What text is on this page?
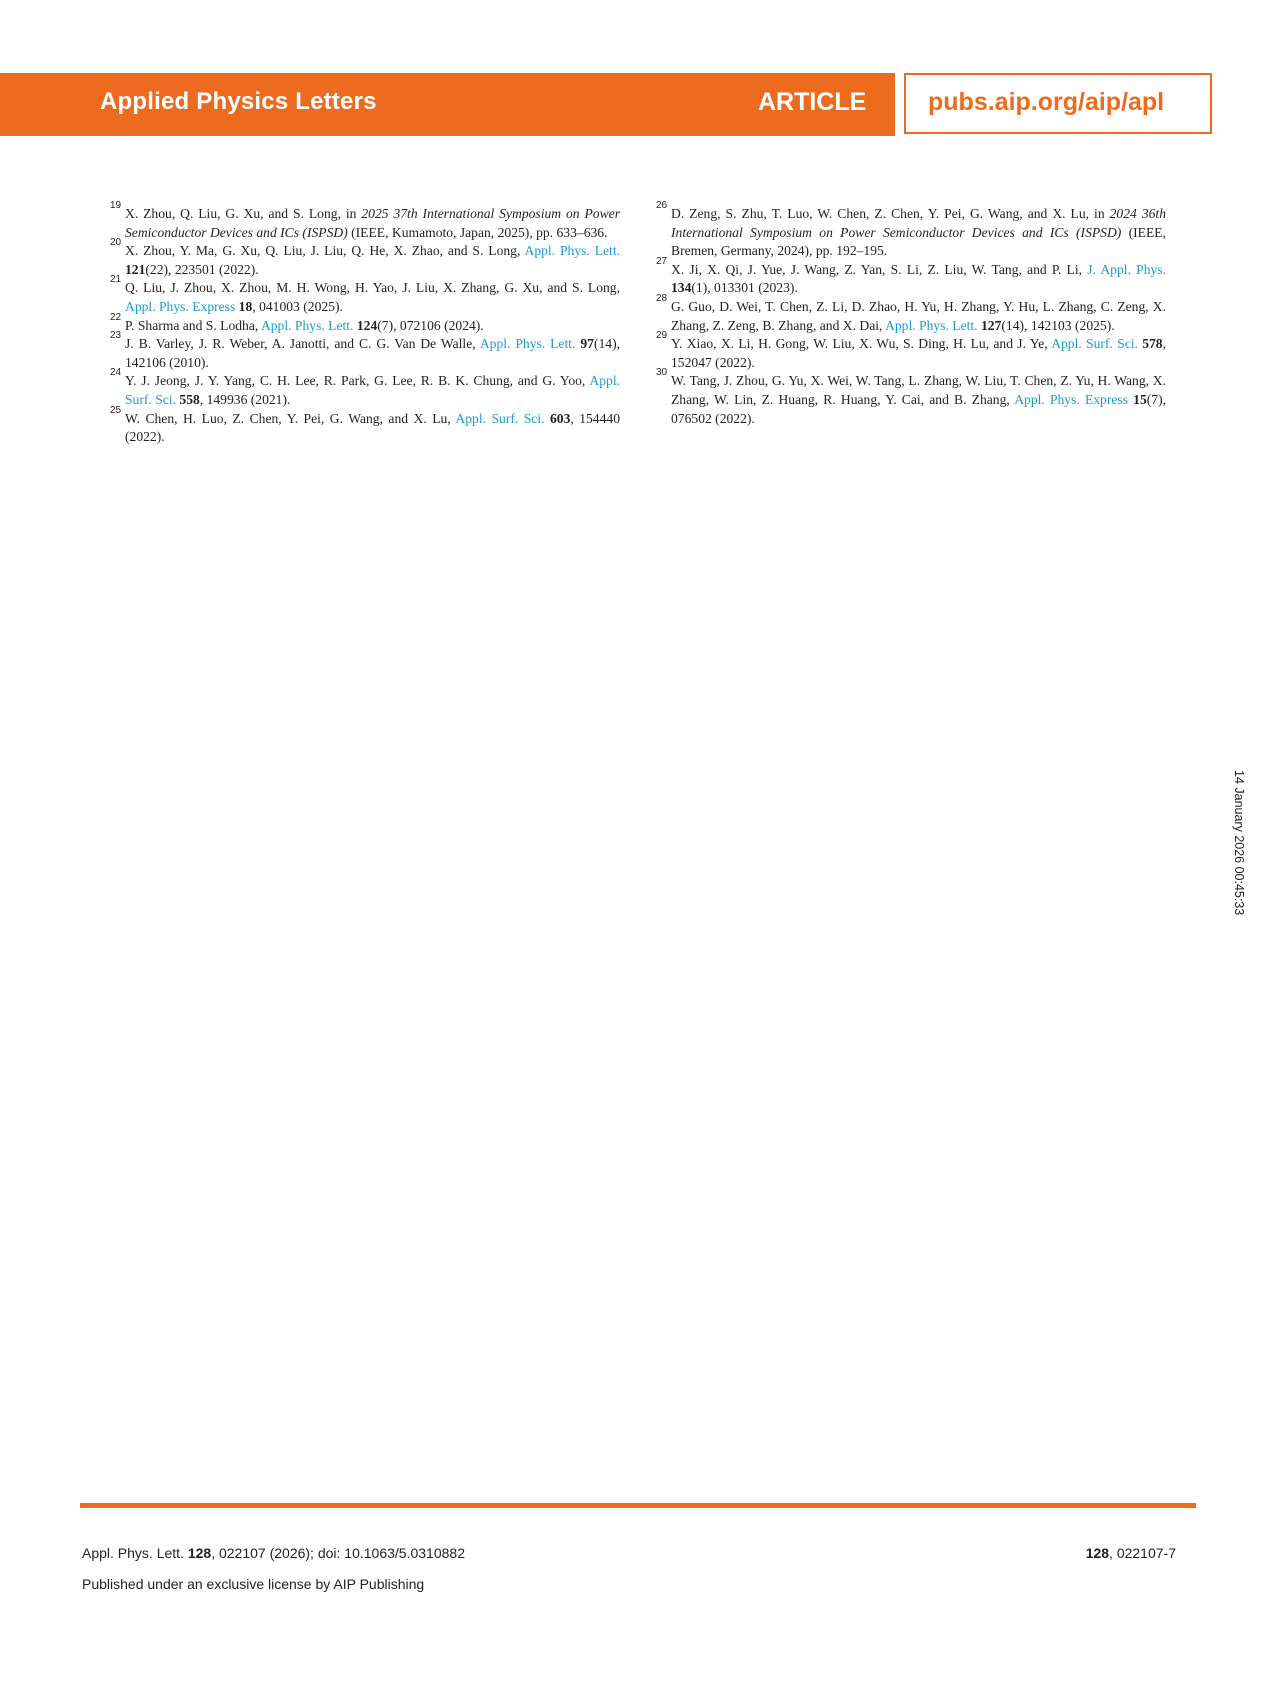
Applied Physics Letters	ARTICLE pubs.aip.org/aip/apl

19
X. Zhou, Q. Liu, G. Xu, and S. Long, in 2025 37th International Symposium on Power Semiconductor Devices and ICs (ISPSD) (IEEE, Kumamoto, Japan, 2025), pp. 633–636.

20
X. Zhou, Y. Ma, G. Xu, Q. Liu, J. Liu, Q. He, X. Zhao, and S. Long, Appl. Phys. Lett. 121(22), 223501 (2022).

21
Q. Liu, J. Zhou, X. Zhou, M. H. Wong, H. Yao, J. Liu, X. Zhang, G. Xu, and S. Long, Appl. Phys. Express 18, 041003 (2025).

22
P. Sharma and S. Lodha, Appl. Phys. Lett. 124(7), 072106 (2024).

23
J. B. Varley, J. R. Weber, A. Janotti, and C. G. Van De Walle, Appl. Phys. Lett. 97(14), 142106 (2010).

24
Y. J. Jeong, J. Y. Yang, C. H. Lee, R. Park, G. Lee, R. B. K. Chung, and G. Yoo, Appl. Surf. Sci. 558, 149936 (2021).

25
W. Chen, H. Luo, Z. Chen, Y. Pei, G. Wang, and X. Lu, Appl. Surf. Sci. 603, 154440 (2022).

26
D. Zeng, S. Zhu, T. Luo, W. Chen, Z. Chen, Y. Pei, G. Wang, and X. Lu, in 2024 36th International Symposium on Power Semiconductor Devices and ICs (ISPSD) (IEEE, Bremen, Germany, 2024), pp. 192–195.

27
X. Ji, X. Qi, J. Yue, J. Wang, Z. Yan, S. Li, Z. Liu, W. Tang, and P. Li, J. Appl. Phys. 134(1), 013301 (2023).

28
G. Guo, D. Wei, T. Chen, Z. Li, D. Zhao, H. Yu, H. Zhang, Y. Hu, L. Zhang, C. Zeng, X. Zhang, Z. Zeng, B. Zhang, and X. Dai, Appl. Phys. Lett. 127(14), 142103 (2025).

29
Y. Xiao, X. Li, H. Gong, W. Liu, X. Wu, S. Ding, H. Lu, and J. Ye, Appl. Surf. Sci. 578, 152047 (2022).

30
W. Tang, J. Zhou, G. Yu, X. Wei, W. Tang, L. Zhang, W. Liu, T. Chen, Z. Yu, H. Wang, X. Zhang, W. Lin, Z. Huang, R. Huang, Y. Cai, and B. Zhang, Appl. Phys. Express 15(7), 076502 (2022).

14 January 2026 00:45:33
Appl. Phys. Lett. 128, 022107 (2026); doi: 10.1063/5.0310882	128, 022107-7
Published under an exclusive license by AIP Publishing
